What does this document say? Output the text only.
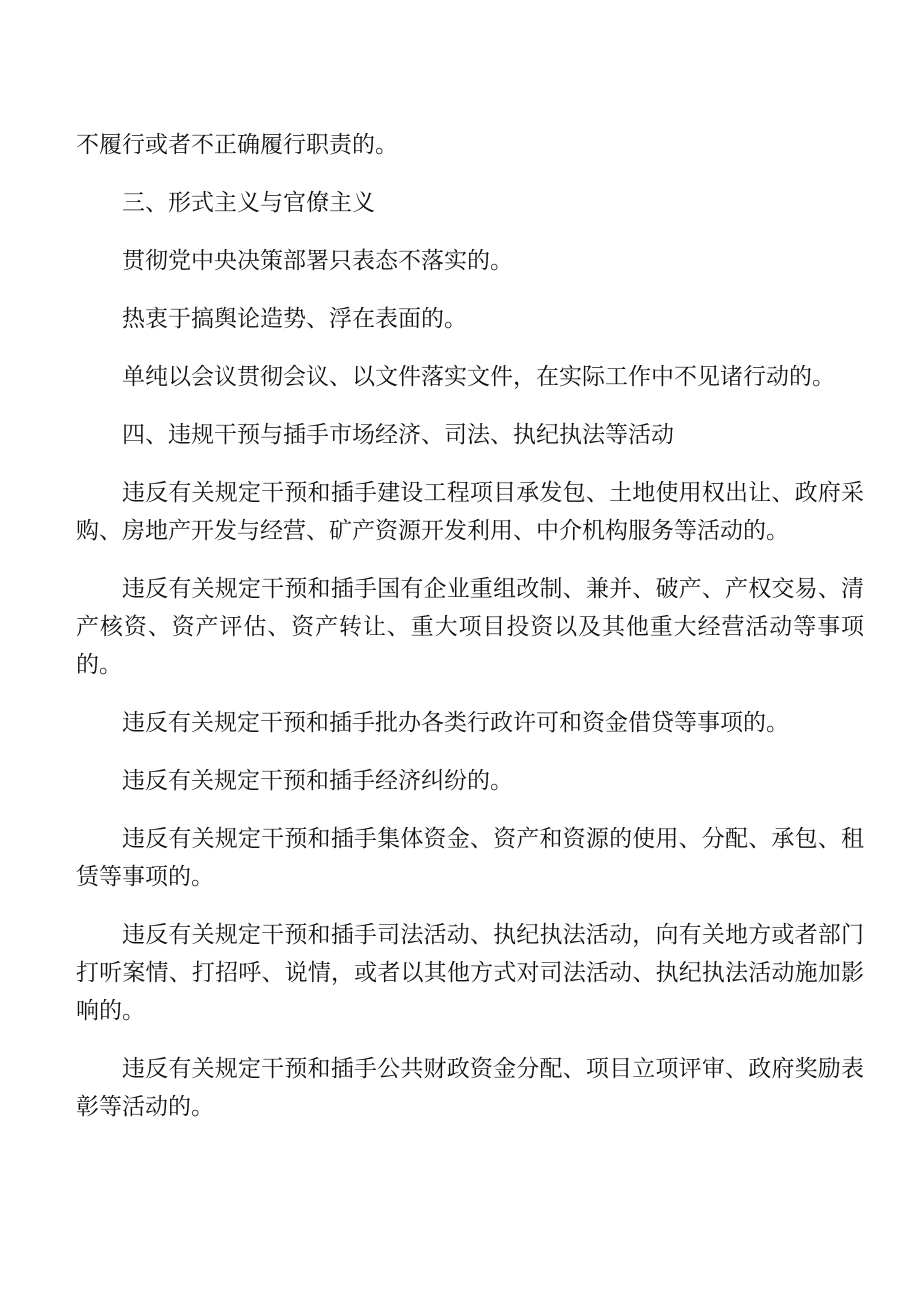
不履行或者不正确履行职责的。

三、形式主义与官僚主义

贯彻党中央决策部署只表态不落实的。

热衷于搞舆论造势、浮在表面的。

单纯以会议贯彻会议、以文件落实文件，在实际工作中不见诸行动的。

四、违规干预与插手市场经济、司法、执纪执法等活动

违反有关规定干预和插手建设工程项目承发包、土地使用权出让、政府采购、房地产开发与经营、矿产资源开发利用、中介机构服务等活动的。

违反有关规定干预和插手国有企业重组改制、兼并、破产、产权交易、清产核资、资产评估、资产转让、重大项目投资以及其他重大经营活动等事项的。

违反有关规定干预和插手批办各类行政许可和资金借贷等事项的。

违反有关规定干预和插手经济纠纷的。

违反有关规定干预和插手集体资金、资产和资源的使用、分配、承包、租赁等事项的。

违反有关规定干预和插手司法活动、执纪执法活动，向有关地方或者部门打听案情、打招呼、说情，或者以其他方式对司法活动、执纪执法活动施加影响的。

违反有关规定干预和插手公共财政资金分配、项目立项评审、政府奖励表彰等活动的。
